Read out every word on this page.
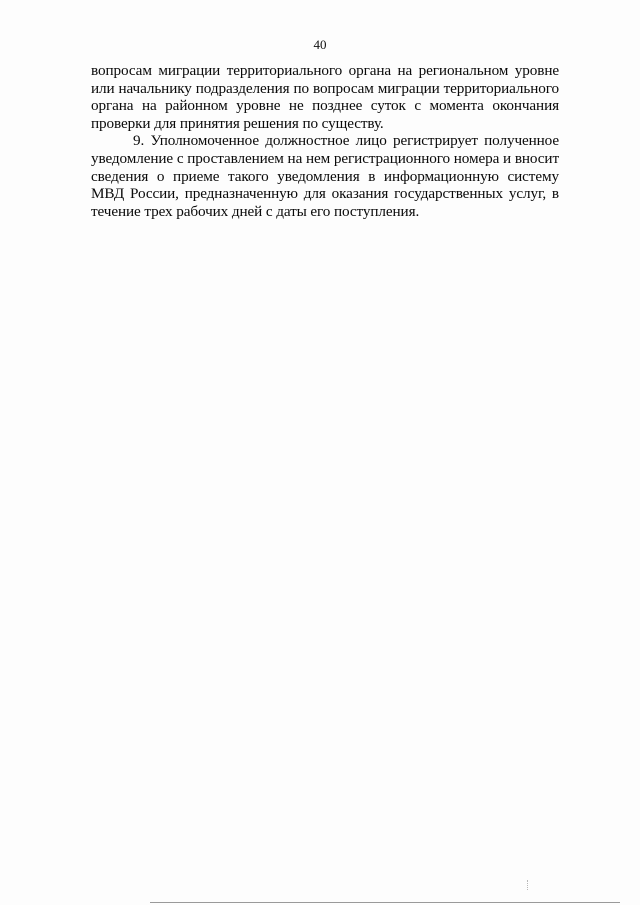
40

вопросам миграции территориального органа на региональном уровне или начальнику подразделения по вопросам миграции территориального органа на районном уровне не позднее суток с момента окончания проверки для принятия решения по существу.

9. Уполномоченное должностное лицо регистрирует полученное уведомление с проставлением на нем регистрационного номера и вносит сведения о приеме такого уведомления в информационную систему МВД России, предназначенную для оказания государственных услуг, в течение трех рабочих дней с даты его поступления.
